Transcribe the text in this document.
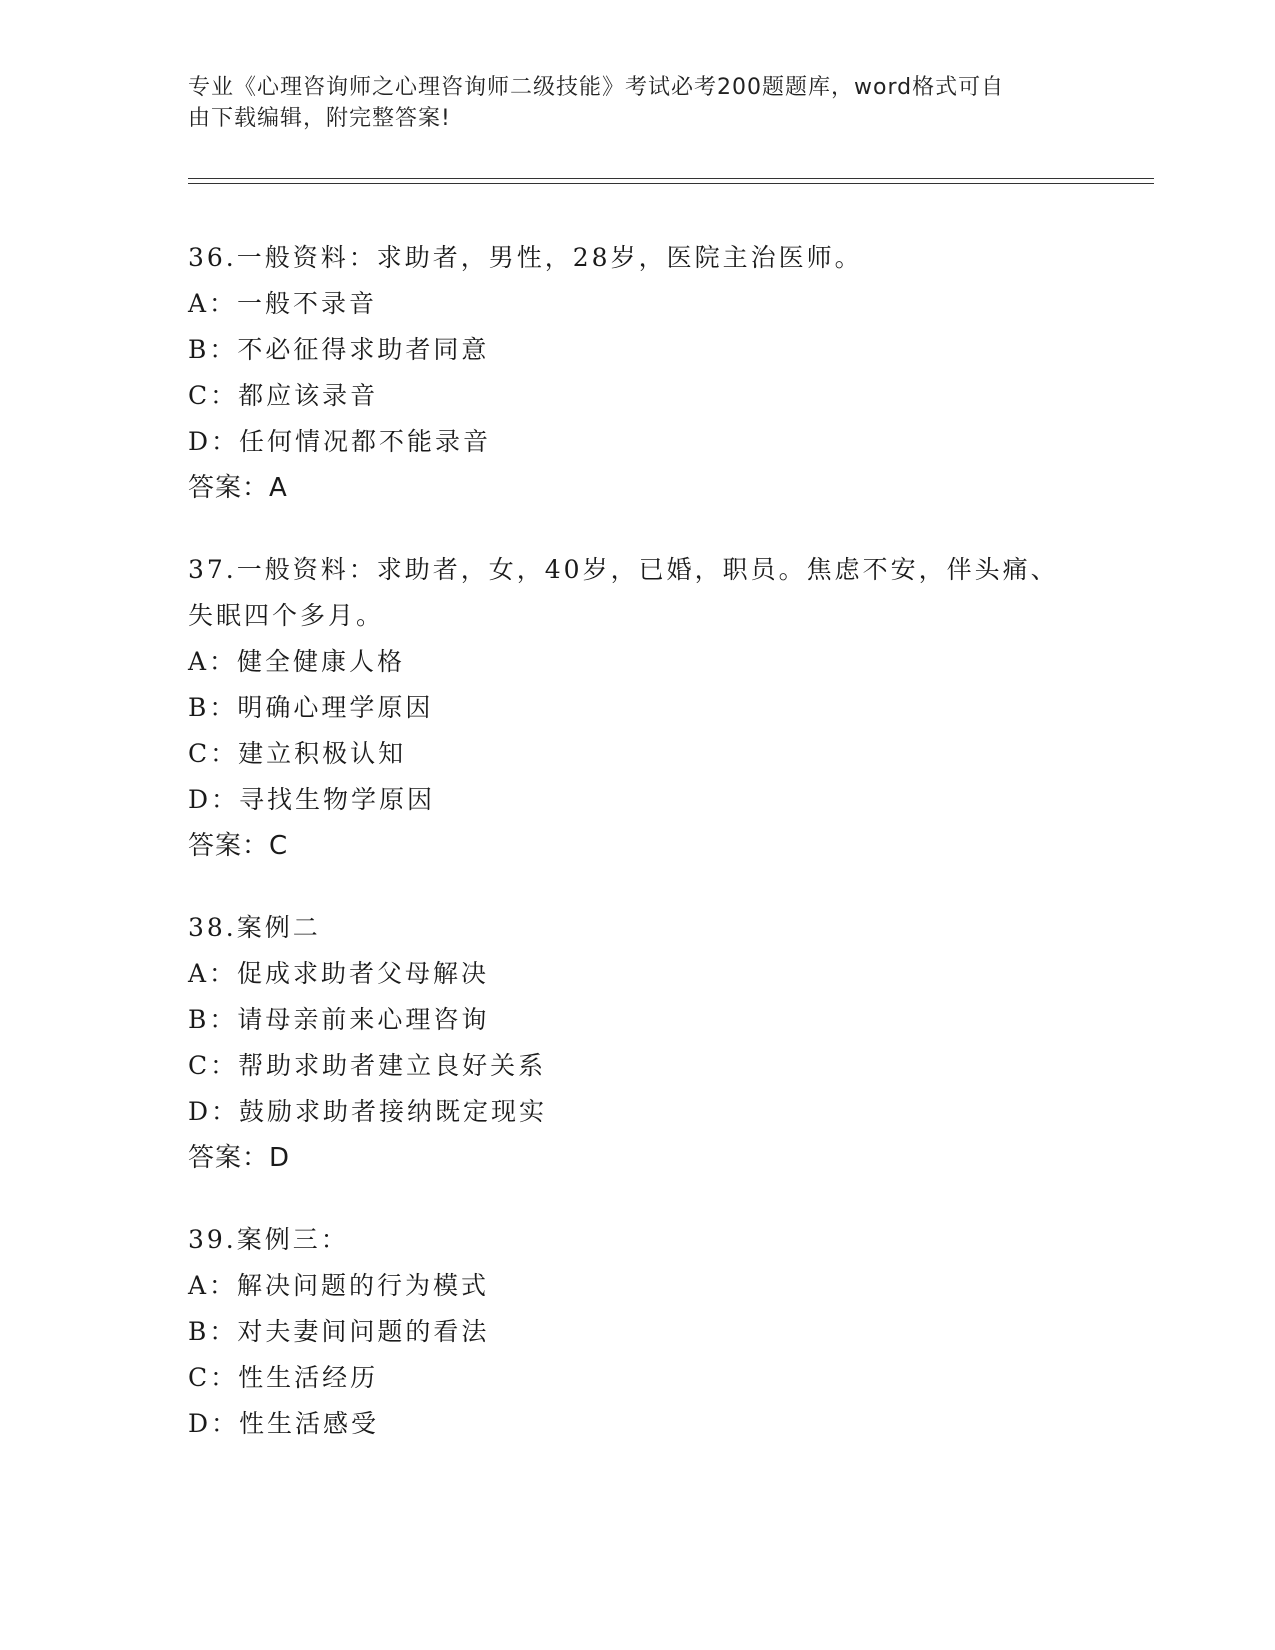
专业《心理咨询师之心理咨询师二级技能》考试必考200题题库，word格式可自
由下载编辑，附完整答案!

36.一般资料：求助者，男性，28岁，医院主治医师。

A：一般不录音

B：不必征得求助者同意

C：都应该录音

D：任何情况都不能录音

答案：A

37.一般资料：求助者，女，40岁，已婚，职员。焦虑不安，伴头痛、

失眠四个多月。

A：健全健康人格

B：明确心理学原因

C：建立积极认知

D：寻找生物学原因

答案：C

38.案例二

A：促成求助者父母解决

B：请母亲前来心理咨询

C：帮助求助者建立良好关系

D：鼓励求助者接纳既定现实

答案：D

39.案例三：

A：解决问题的行为模式

B：对夫妻间问题的看法

C：性生活经历

D：性生活感受
